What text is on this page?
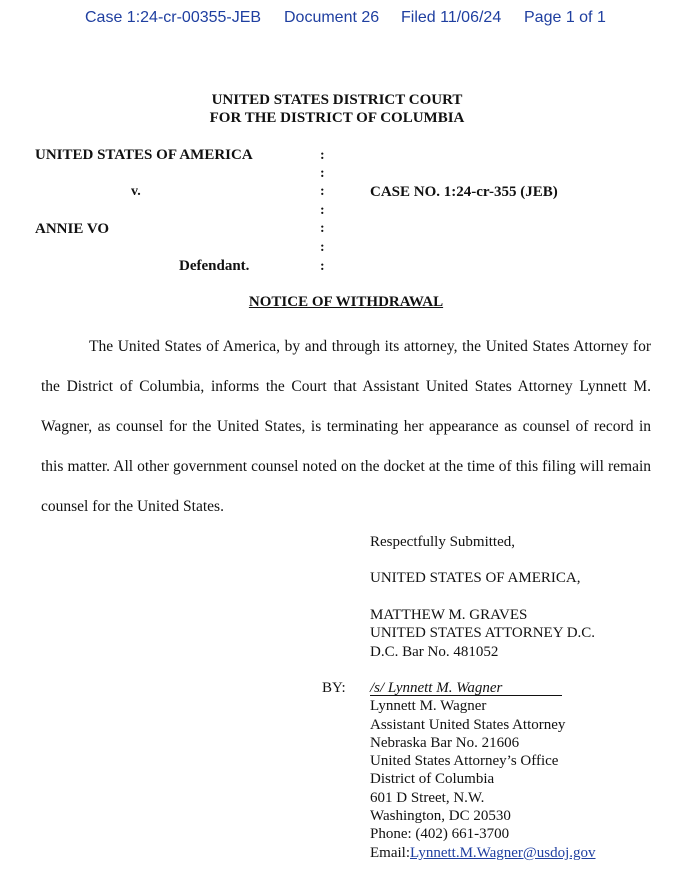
Case 1:24-cr-00355-JEB Document 26 Filed 11/06/24 Page 1 of 1
UNITED STATES DISTRICT COURT
FOR THE DISTRICT OF COLUMBIA
UNITED STATES OF AMERICA
v.
ANNIE VO
Defendant.
CASE NO. 1:24-cr-355 (JEB)
:
:
:
:
:
:
:
NOTICE OF WITHDRAWAL

The United States of America, by and through its attorney, the United States Attorney for the District of Columbia, informs the Court that Assistant United States Attorney Lynnett M. Wagner, as counsel for the United States, is terminating her appearance as counsel of record in this matter. All other government counsel noted on the docket at the time of this filing will remain counsel for the United States.

Respectfully Submitted,
UNITED STATES OF AMERICA,
MATTHEW M. GRAVES
UNITED STATES ATTORNEY D.C.
D.C. Bar No. 481052
BY: /s/ Lynnett M. Wagner
Lynnett M. Wagner
Assistant United States Attorney
Nebraska Bar No. 21606
United States Attorney’s Office
District of Columbia
601 D Street, N.W.
Washington, DC 20530
Phone: (402) 661-3700
Email:Lynnett.M.Wagner@usdoj.gov
